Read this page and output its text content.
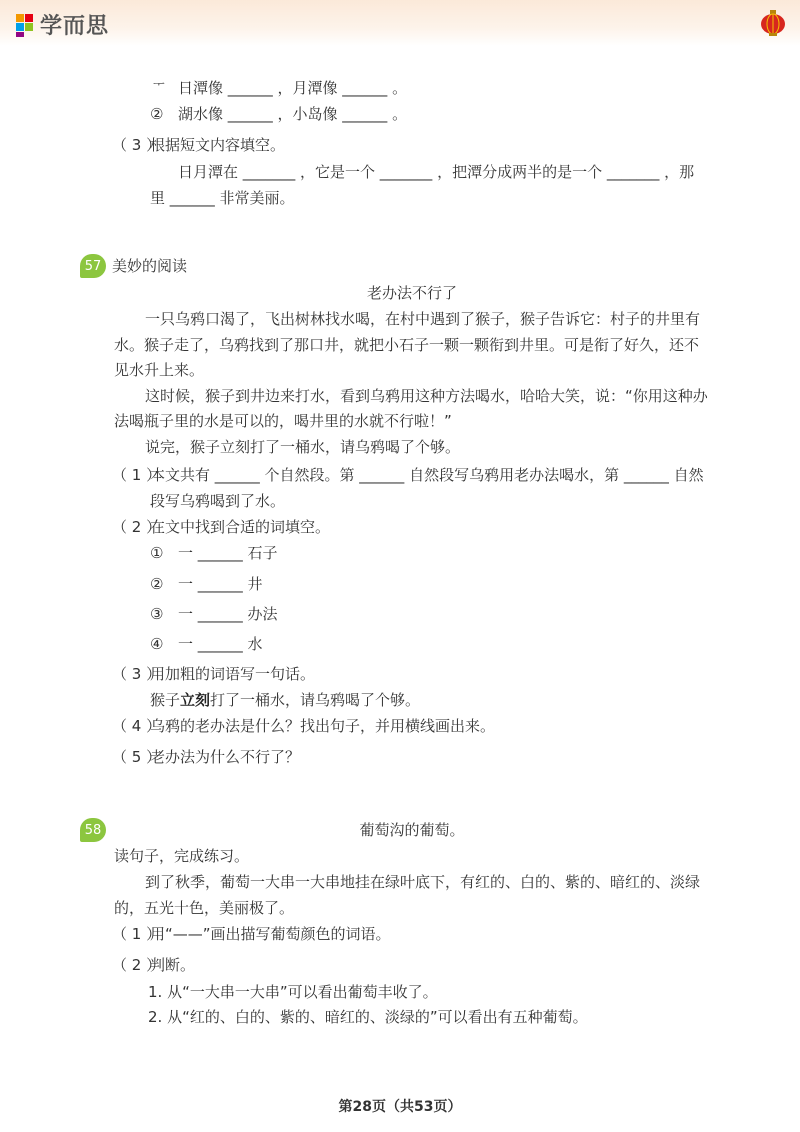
学而思
ᅮ 日潭像 ______ ，月潭像 ______ 。
② 湖水像 ______ ，小岛像 ______ 。
（ 3 ）
根据短文内容填空。
日月潭在 _______ ，它是一个 _______ ，把潭分成两半的是一个 _______ ，那
里 ______ 非常美丽。
57 美妙的阅读
老办法不行了
一只乌鸦口渴了，飞出树林找水喝，在村中遇到了猴子，猴子告诉它：村子的井里有
水。猴子走了，乌鸦找到了那口井，就把小石子一颗一颗衔到井里。可是衔了好久，还不
见水升上来。
这时候，猴子到井边来打水，看到乌鸦用这种方法喝水，哈哈大笑，说：“你用这种办
法喝瓶子里的水是可以的，喝井里的水就不行啦！”
说完，猴子立刻打了一桶水，请乌鸦喝了个够。
（ 1 ）
本文共有 ______ 个自然段。第 ______ 自然段写乌鸦用老办法喝水，第 ______ 自然
段写乌鸦喝到了水。
（ 2 ）
在文中找到合适的词填空。
① 一 ______ 石子
② 一 ______ 井
③ 一 ______ 办法
④ 一 ______ 水
（ 3 ）
用加粗的词语写一句话。
猴子立刻打了一桶水，请乌鸦喝了个够。
（ 4 ）
乌鸦的老办法是什么？找出句子，并用横线画出来。
（ 5 ）
老办法为什么不行了？
58	葡萄沟的葡萄。
读句子，完成练习。
到了秋季，葡萄一大串一大串地挂在绿叶底下，有红的、白的、紫的、暗红的、淡绿
的，五光十色，美丽极了。
（ 1 ）
用“——”画出描写葡萄颜色的词语。
（ 2 ）
判断。
1. 从“一大串一大串”可以看出葡萄丰收了。
2. 从“红的、白的、紫的、暗红的、淡绿的”可以看出有五种葡萄。
第28页（共53页）
